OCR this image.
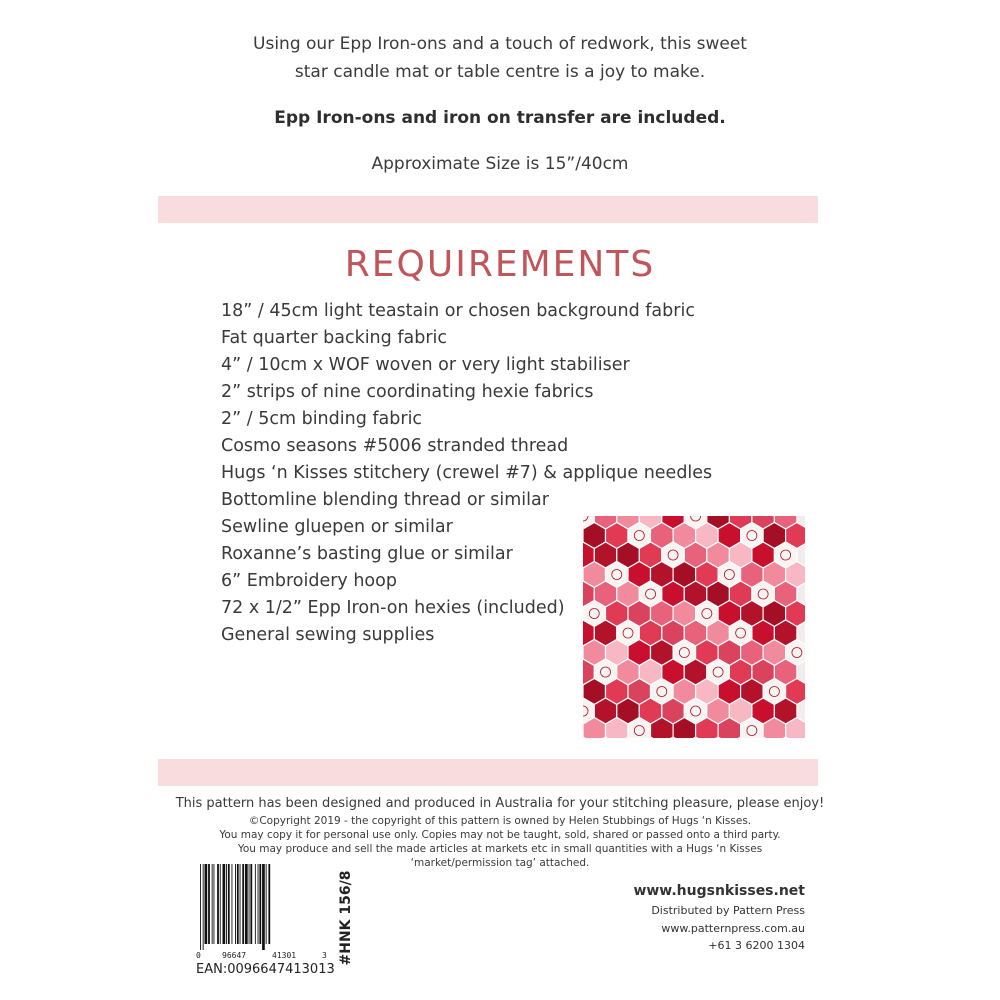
Using our Epp Iron-ons and a touch of redwork, this sweet
star candle mat or table centre is a joy to make.
Epp Iron-ons and iron on transfer are included.
Approximate Size is 15”/40cm
REQUIREMENTS
18” / 45cm light teastain or chosen background fabric
Fat quarter backing fabric
4” / 10cm x WOF woven or very light stabiliser
2” strips of nine coordinating hexie fabrics
2” / 5cm binding fabric
Cosmo seasons #5006 stranded thread
Hugs ‘n Kisses stitchery (crewel #7) & applique needles
Bottomline blending thread or similar
Sewline gluepen or similar
Roxanne’s basting glue or similar
6” Embroidery hoop
72 x 1/2” Epp Iron-on hexies (included)
General sewing supplies
This pattern has been designed and produced in Australia for your stitching pleasure, please enjoy!
©Copyright 2019 - the copyright of this pattern is owned by Helen Stubbings of Hugs ‘n Kisses.
You may copy it for personal use only. Copies may not be taught, sold, shared or passed onto a third party.
You may produce and sell the made articles at markets etc in small quantities with a Hugs ‘n Kisses
‘market/permission tag’ attached.
0	96647	41301	3
EAN:0096647413013
#HNK 156/8	www.hugsnkisses.net
Distributed by Pattern Press
www.patternpress.com.au
+61 3 6200 1304
